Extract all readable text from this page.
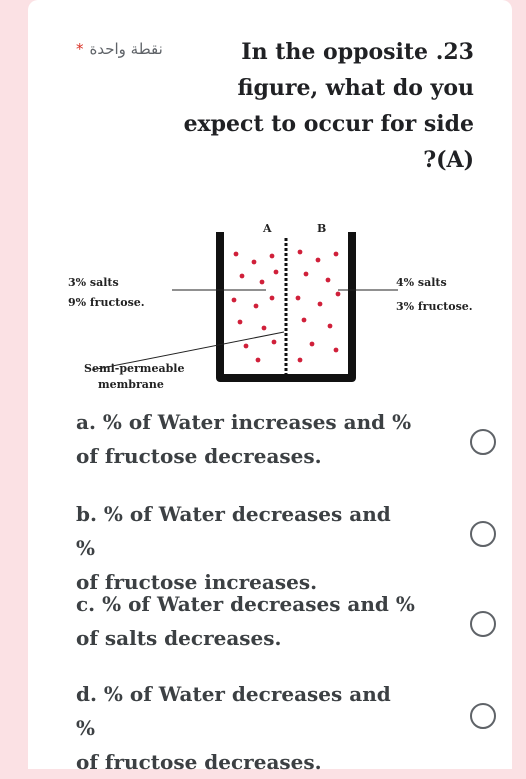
* نقطة واحدة	In the opposite .23
figure, what do you
expect to occur for side
?(A)
A	B
3% salts
9% fructose.
4% salts
3% fructose.
Semi-permeable
membrane
a. % of Water increases and %
of fructose decreases.
b. % of Water decreases and %
of fructose increases.
c. % of Water decreases and %
of salts decreases.
d. % of Water decreases and %
of fructose decreases.
